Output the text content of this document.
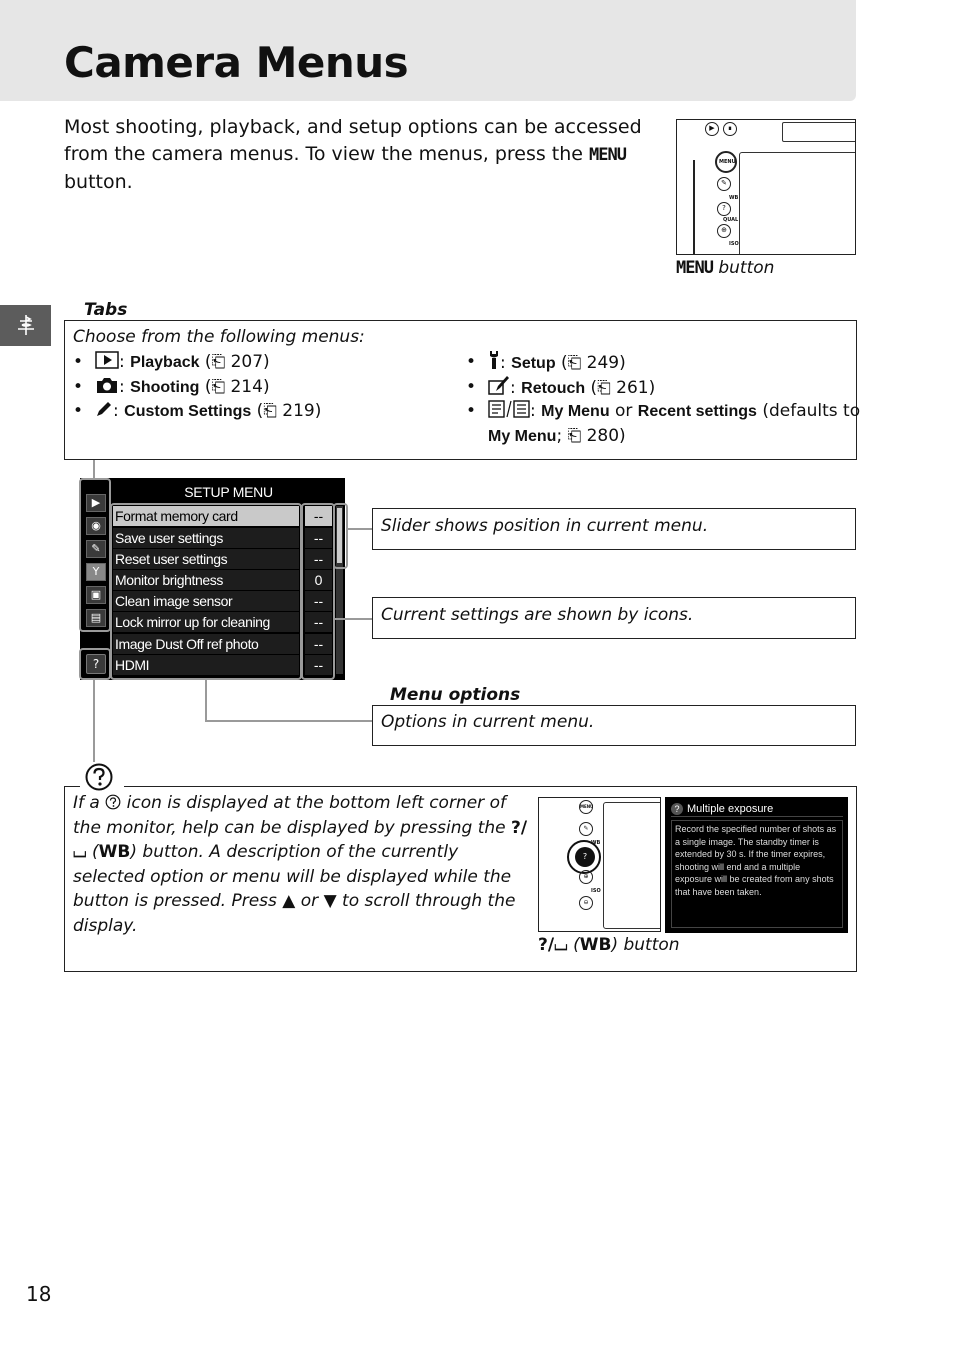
Camera Menus

Most shooting, playback, and setup options can be accessed from the camera menus. To view the menus, press the MENU button.

▶	∎
MENU
✎
WB
?
QUAL
⊕
ISO
MENU button
Tabs
Choose from the following menus:
• : Playback (⎗ 207)
• : Shooting (⎗ 214)
• : Custom Settings (⎗ 219)
• : Setup (⎗ 249)
• : Retouch (⎗ 261)
•	: My Menu or Recent settings (defaults to
My Menu; ⎗ 280)
▶
◉
✎
Y
▣
▤
?
SETUP MENU
Format memory card	--
Save user settings	--
Reset user settings	--
Monitor brightness	0
Clean image sensor	--
Lock mirror up for cleaning	--
Image Dust Off ref photo	--
HDMI	--
Slider shows position in current menu.
Current settings are shown by icons.
Menu options
Options in current menu.

If a  icon is displayed at the bottom left corner of the monitor, help can be displayed by pressing the ?/⌴ (WB) button. A description of the currently selected option or menu will be displayed while the button is pressed. Press ▲ or ▼ to scroll through the display.

MENU
✎
?
WB
⊕
ISO
⊖
? Multiple exposure
Record the specified number of shots as a single image. The standby timer is extended by 30 s. If the timer expires, shooting will end and a multiple exposure will be created from any shots that have been taken.
?/⌴ (WB) button
18
